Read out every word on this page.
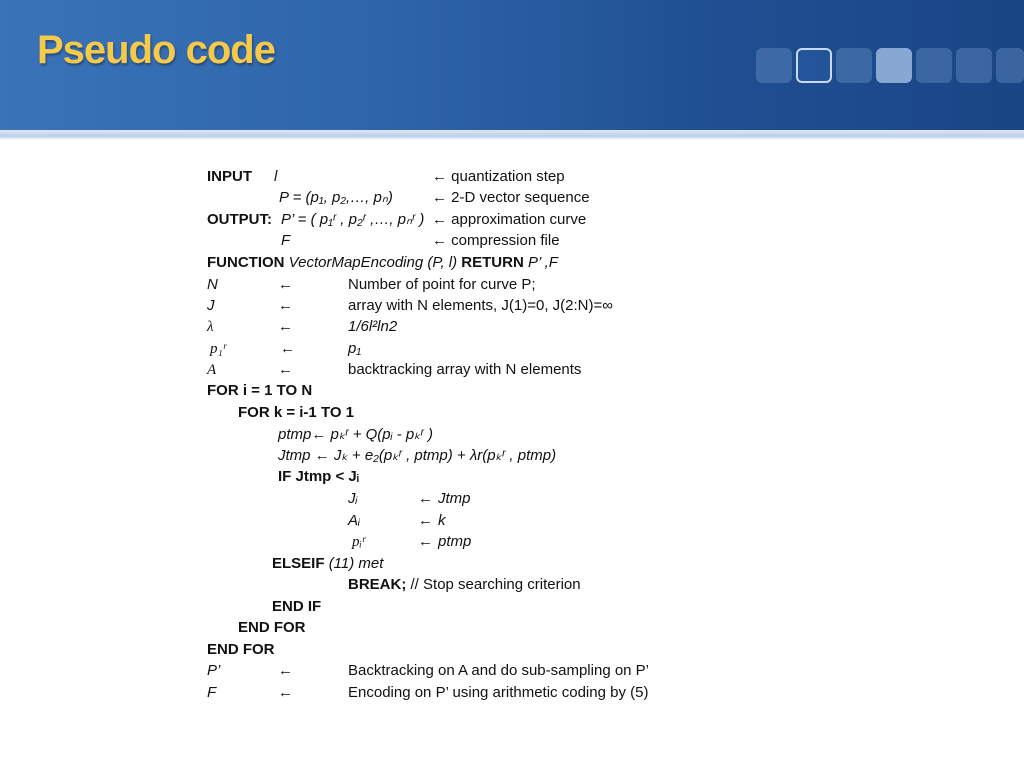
Pseudo code
INPUT l	← quantization step
P = (p₁, p₂,…, pₙ)	← 2-D vector sequence
OUTPUT: P’ = ( p₁ʳ , p₂ʳ ,…, pₙʳ ) ← approximation curve
F	← compression file
FUNCTION VectorMapEncoding (P, l) RETURN P’ ,F
N	←	Number of point for curve P;
J	←	array with N elements, J(1)=0, J(2:N)=∞
λ	←	1/6l²ln2
p₁ʳ	←	p₁
A	←	backtracking array with N elements
FOR i = 1 TO N
FOR k = i-1 TO 1
ptmp← pₖʳ + Q(pᵢ - pₖʳ )
Jtmp ← Jₖ + e₂(pₖʳ , ptmp) + λr(pₖʳ , ptmp)
IF Jtmp < Jᵢ
Jᵢ	← Jtmp
Aᵢ	← k
pᵢʳ	← ptmp
ELSEIF (11) met
BREAK; // Stop searching criterion
END IF
END FOR
END FOR
P’	←	Backtracking on A and do sub-sampling on P’
F	←	Encoding on P’ using arithmetic coding by (5)
